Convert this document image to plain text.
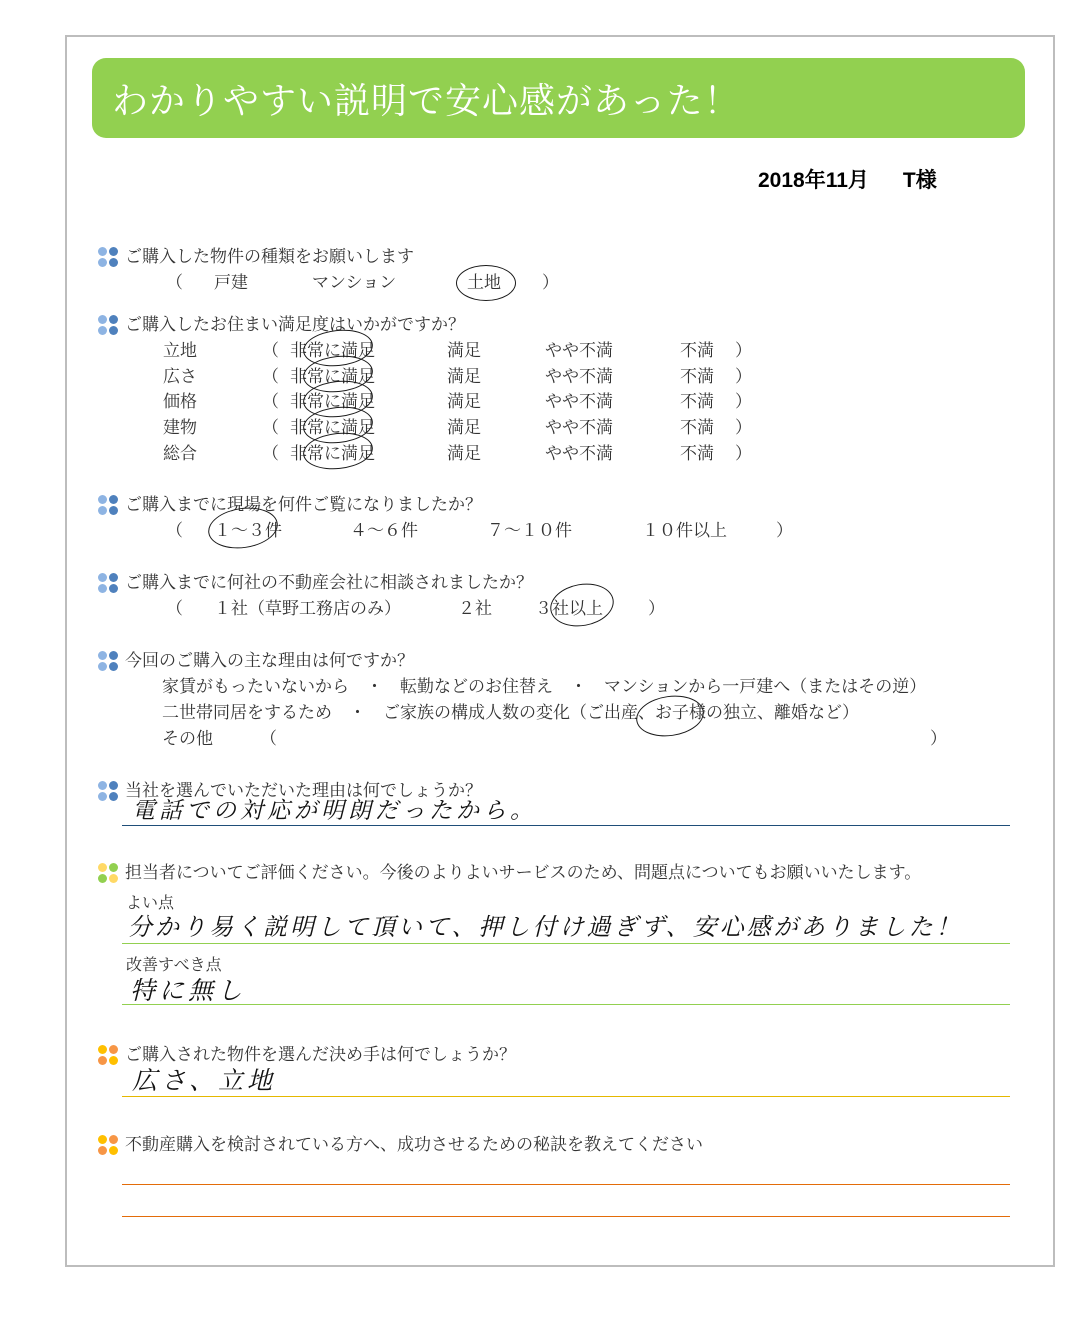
わかりやすい説明で安心感があった！
2018年11月 T様
ご購入した物件の種類をお願いします
（ 戸建	マンション	土地 ）
ご購入したお住まい満足度はいかがですか？
立地	（ 非常に満足	満足	やや不満	不満 ）
広さ	（ 非常に満足	満足	やや不満	不満 ）
価格	（ 非常に満足	満足	やや不満	不満 ）
建物	（ 非常に満足	満足	やや不満	不満 ）
総合	（ 非常に満足	満足	やや不満	不満 ）
ご購入までに現場を何件ご覧になりましたか？
（ １～３件	４～６件	７～１０件	１０件以上	）
ご購入までに何社の不動産会社に相談されましたか？
（ １社（草野工務店のみ）	２社	３社以上	）
今回のご購入の主な理由は何ですか？
家賃がもったいないから　・　転勤などのお住替え　・　マンションから一戸建へ（またはその逆）
二世帯同居をするため　・　ご家族の構成人数の変化（ご出産、お子様の独立、離婚など）
その他	（	）
当社を選んでいただいた理由は何でしょうか？
電話での対応が明朗だったから。
担当者についてご評価ください。今後のよりよいサービスのため、問題点についてもお願いいたします。
よい点
分かり易く説明して頂いて、押し付け過ぎず、安心感がありました！
改善すべき点
特に無し
ご購入された物件を選んだ決め手は何でしょうか？
広さ、立地
不動産購入を検討されている方へ、成功させるための秘訣を教えてください
